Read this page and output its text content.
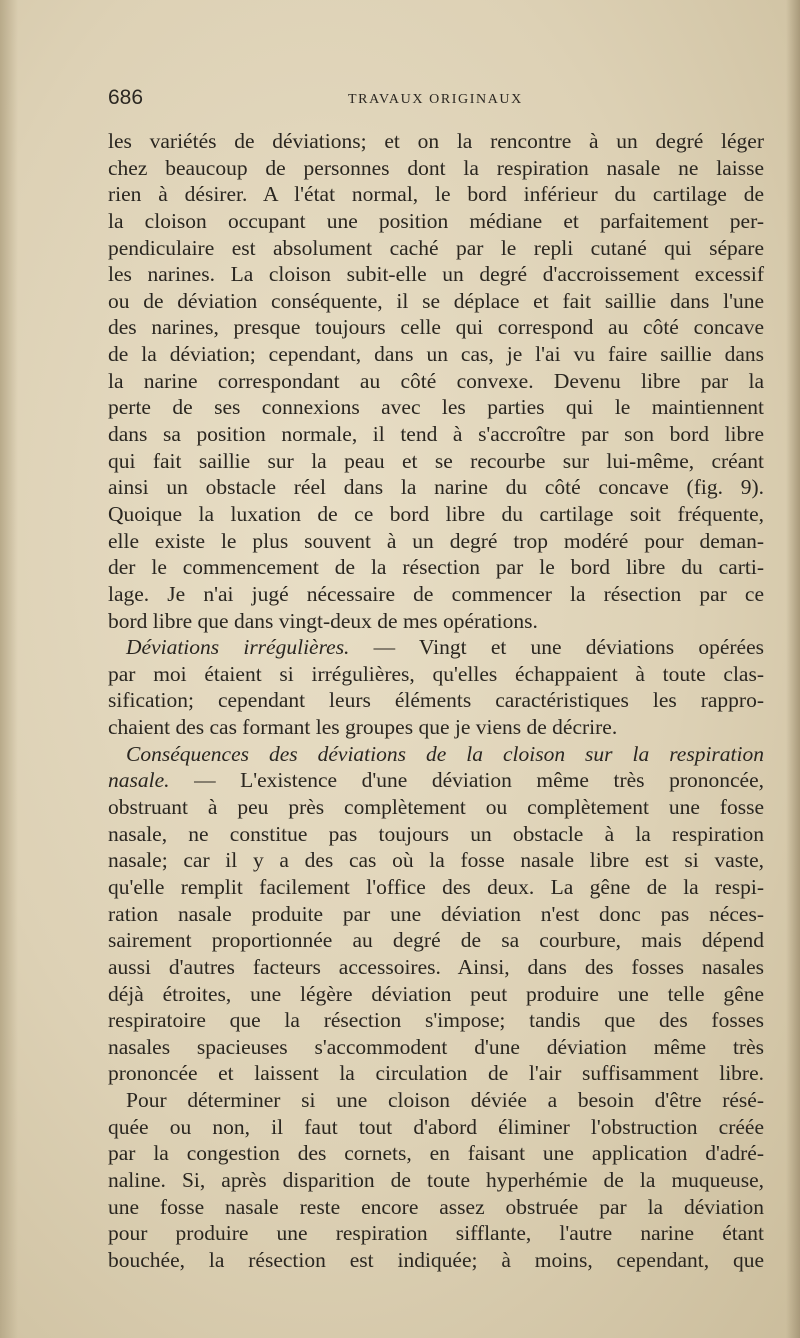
686	TRAVAUX ORIGINAUX
les variétés de déviations; et on la rencontre à un degré léger
chez beaucoup de personnes dont la respiration nasale ne laisse
rien à désirer. A l'état normal, le bord inférieur du cartilage de
la cloison occupant une position médiane et parfaitement per-
pendiculaire est absolument caché par le repli cutané qui sépare
les narines. La cloison subit-elle un degré d'accroissement excessif
ou de déviation conséquente, il se déplace et fait saillie dans l'une
des narines, presque toujours celle qui correspond au côté concave
de la déviation; cependant, dans un cas, je l'ai vu faire saillie dans
la narine correspondant au côté convexe. Devenu libre par la
perte de ses connexions avec les parties qui le maintiennent
dans sa position normale, il tend à s'accroître par son bord libre
qui fait saillie sur la peau et se recourbe sur lui-même, créant
ainsi un obstacle réel dans la narine du côté concave (fig. 9).
Quoique la luxation de ce bord libre du cartilage soit fréquente,
elle existe le plus souvent à un degré trop modéré pour deman-
der le commencement de la résection par le bord libre du carti-
lage. Je n'ai jugé nécessaire de commencer la résection par ce
bord libre que dans vingt-deux de mes opérations.
Déviations irrégulières. — Vingt et une déviations opérées
par moi étaient si irrégulières, qu'elles échappaient à toute clas-
sification; cependant leurs éléments caractéristiques les rappro-
chaient des cas formant les groupes que je viens de décrire.
Conséquences des déviations de la cloison sur la respiration
nasale. — L'existence d'une déviation même très prononcée,
obstruant à peu près complètement ou complètement une fosse
nasale, ne constitue pas toujours un obstacle à la respiration
nasale; car il y a des cas où la fosse nasale libre est si vaste,
qu'elle remplit facilement l'office des deux. La gêne de la respi-
ration nasale produite par une déviation n'est donc pas néces-
sairement proportionnée au degré de sa courbure, mais dépend
aussi d'autres facteurs accessoires. Ainsi, dans des fosses nasales
déjà étroites, une légère déviation peut produire une telle gêne
respiratoire que la résection s'impose; tandis que des fosses
nasales spacieuses s'accommodent d'une déviation même très
prononcée et laissent la circulation de l'air suffisamment libre.
Pour déterminer si une cloison déviée a besoin d'être résé-
quée ou non, il faut tout d'abord éliminer l'obstruction créée
par la congestion des cornets, en faisant une application d'adré-
naline. Si, après disparition de toute hyperhémie de la muqueuse,
une fosse nasale reste encore assez obstruée par la déviation
pour produire une respiration sifflante, l'autre narine étant
bouchée, la résection est indiquée; à moins, cependant, que
